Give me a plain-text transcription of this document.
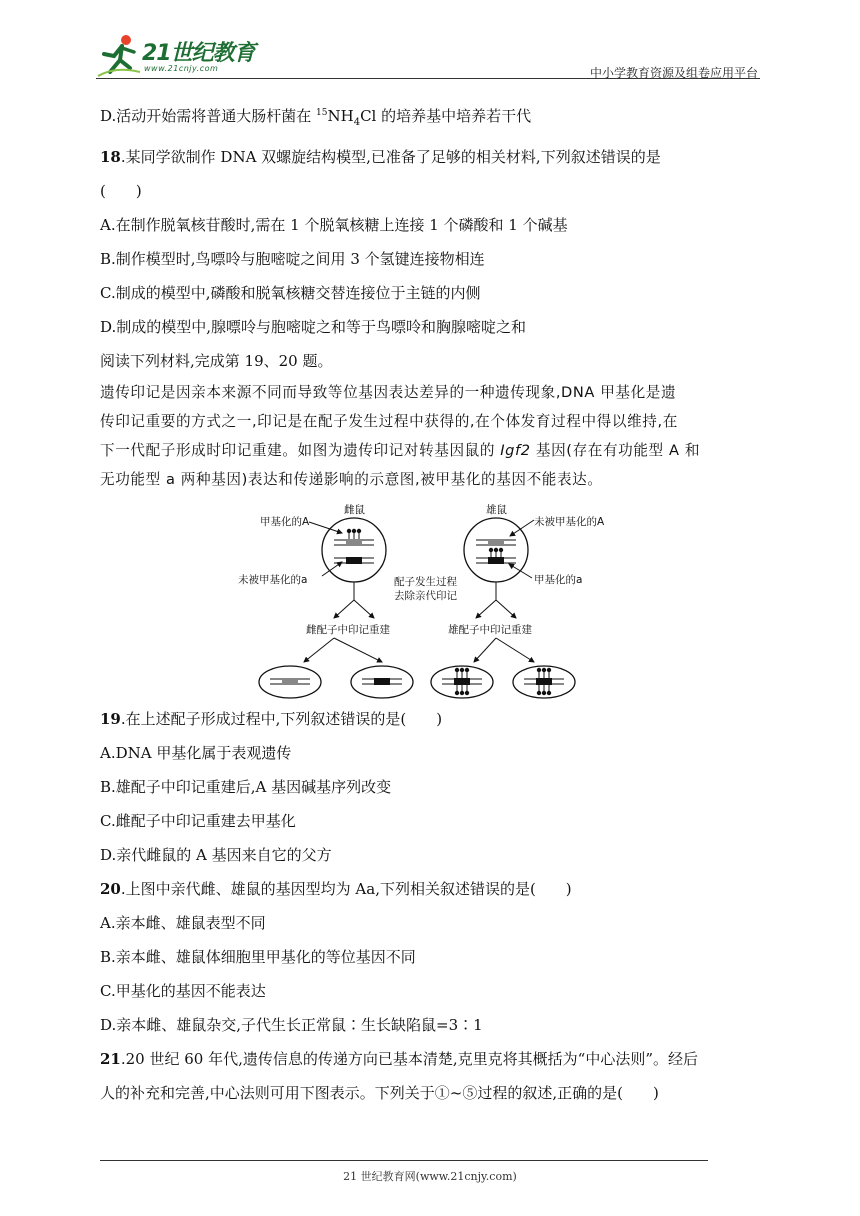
21世纪教育
www.21cnjy.com	中小学教育资源及组卷应用平台
D.活动开始需将普通大肠杆菌在 $^{15}NH_4Cl$ 的培养基中培养若干代
18.某同学欲制作 DNA 双螺旋结构模型,已准备了足够的相关材料,下列叙述错误的是
(　　)
A.在制作脱氧核苷酸时,需在 1 个脱氧核糖上连接 1 个磷酸和 1 个碱基
B.制作模型时,鸟嘌呤与胞嘧啶之间用 3 个氢键连接物相连
C.制成的模型中,磷酸和脱氧核糖交替连接位于主链的内侧
D.制成的模型中,腺嘌呤与胞嘧啶之和等于鸟嘌呤和胸腺嘧啶之和
阅读下列材料,完成第 19、20 题。
遗传印记是因亲本来源不同而导致等位基因表达差异的一种遗传现象,DNA 甲基化是遗
传印记重要的方式之一,印记是在配子发生过程中获得的,在个体发育过程中得以维持,在
下一代配子形成时印记重建。如图为遗传印记对转基因鼠的 Igf2 基因(存在有功能型 A 和
无功能型 a 两种基因)表达和传递影响的示意图,被甲基化的基因不能表达。
雌鼠	雄鼠
甲基化的A
未被甲基化的a
未被甲基化的A
甲基化的a
配子发生过程
去除亲代印记
雌配子中印记重建	雄配子中印记重建
19.在上述配子形成过程中,下列叙述错误的是(　　)
A.DNA 甲基化属于表观遗传
B.雄配子中印记重建后,A 基因碱基序列改变
C.雌配子中印记重建去甲基化
D.亲代雌鼠的 A 基因来自它的父方
20.上图中亲代雌、雄鼠的基因型均为 Aa,下列相关叙述错误的是(　　)
A.亲本雌、雄鼠表型不同
B.亲本雌、雄鼠体细胞里甲基化的等位基因不同
C.甲基化的基因不能表达
D.亲本雌、雄鼠杂交,子代生长正常鼠∶生长缺陷鼠=3∶1
21.20 世纪 60 年代,遗传信息的传递方向已基本清楚,克里克将其概括为“中心法则”。经后
人的补充和完善,中心法则可用下图表示。下列关于①~⑤过程的叙述,正确的是(　　)
21 世纪教育网(www.21cnjy.com)
